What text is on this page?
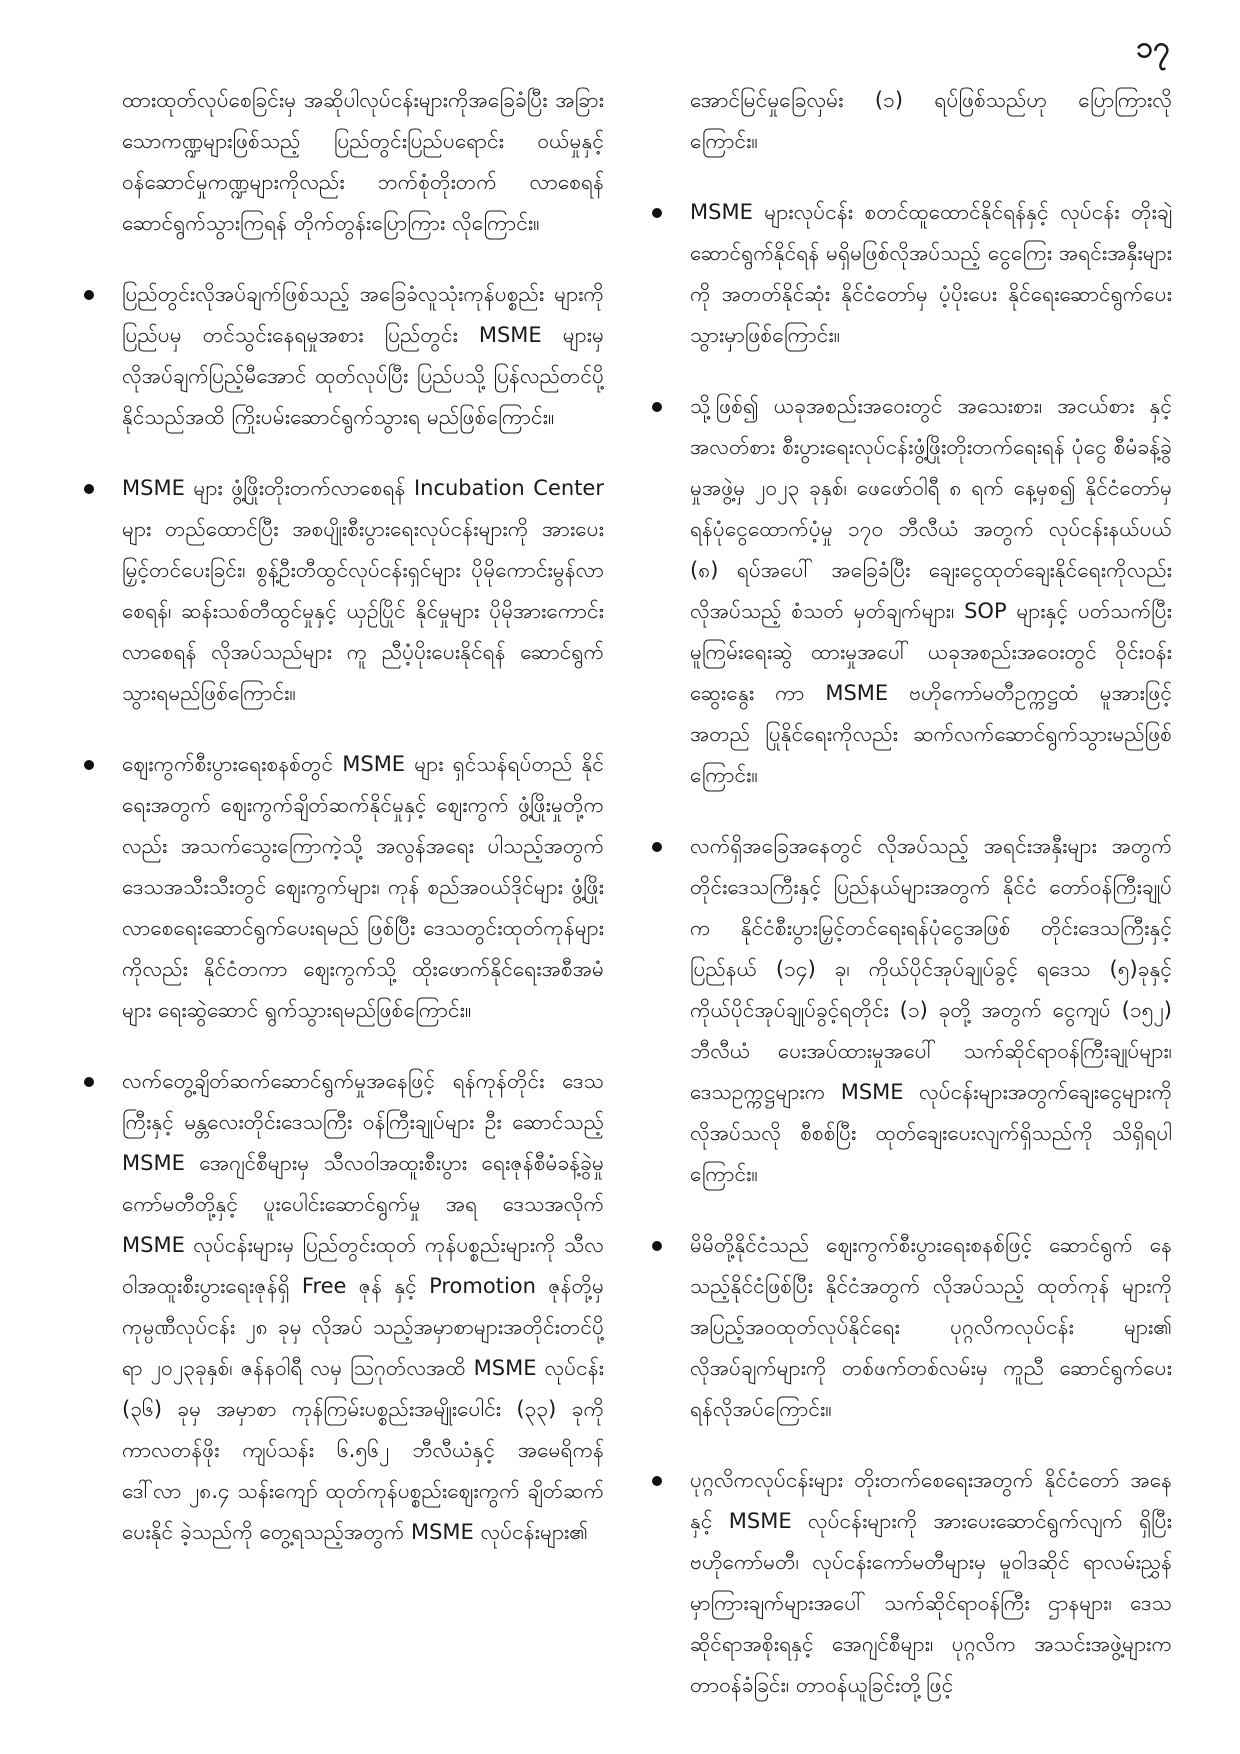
၁၇

ထားထုတ်လုပ်စေခြင်းမှ အဆိုပါလုပ်ငန်းများကိုအခြေခံပြီး အခြားသောကဏ္ဍများဖြစ်သည့် ပြည်တွင်းပြည်ပရောင်း ဝယ်မှုနှင့် ဝန်ဆောင်မှုကဏ္ဍများကိုလည်း ဘက်စုံတိုးတက် လာစေရန် ဆောင်ရွက်သွားကြရန် တိုက်တွန်းပြောကြား လိုကြောင်း။

ပြည်တွင်းလိုအပ်ချက်ဖြစ်သည့် အခြေခံလူသုံးကုန်ပစ္စည်း များကို ပြည်ပမှ တင်သွင်းနေရမှုအစား ပြည်တွင်း MSME များမှ လိုအပ်ချက်ပြည့်မီအောင် ထုတ်လုပ်ပြီး ပြည်ပသို့ ပြန်လည်တင်ပို့နိုင်သည်အထိ ကြိုးပမ်းဆောင်ရွက်သွားရ မည်ဖြစ်ကြောင်း။

MSME များ ဖွံ့ဖြိုးတိုးတက်လာစေရန် Incubation Center များ တည်ထောင်ပြီး အစပျိုးစီးပွားရေးလုပ်ငန်းများကို အားပေးမြှင့်တင်ပေးခြင်း၊ စွန့်ဦးတီထွင်လုပ်ငန်းရှင်များ ပိုမိုကောင်းမွန်လာစေရန်၊ ဆန်းသစ်တီထွင်မှုနှင့် ယှဉ်ပြိုင် နိုင်မှုများ ပိုမိုအားကောင်းလာစေရန် လိုအပ်သည်များ ကူ ညီပံ့ပိုးပေးနိုင်ရန် ဆောင်ရွက်သွားရမည်ဖြစ်ကြောင်း။

ဈေးကွက်စီးပွားရေးစနစ်တွင် MSME များ ရှင်သန်ရပ်တည် နိုင်ရေးအတွက် ဈေးကွက်ချိတ်ဆက်နိုင်မှုနှင့် ဈေးကွက် ဖွံ့ဖြိုးမှုတို့ကလည်း အသက်သွေးကြောကဲ့သို့ အလွန်အရေး ပါသည့်အတွက် ဒေသအသီးသီးတွင် ဈေးကွက်များ၊ ကုန် စည်အဝယ်ဒိုင်များ ဖွံ့ဖြိုးလာစေရေးဆောင်ရွက်ပေးရမည် ဖြစ်ပြီး ဒေသတွင်းထုတ်ကုန်များကိုလည်း နိုင်ငံတကာ ဈေးကွက်သို့ ထိုးဖောက်နိုင်ရေးအစီအမံများ ရေးဆွဲဆောင် ရွက်သွားရမည်ဖြစ်ကြောင်း။

လက်တွေ့ချိတ်ဆက်ဆောင်ရွက်မှုအနေဖြင့် ရန်ကုန်တိုင်း ဒေသကြီးနှင့် မန္တလေးတိုင်းဒေသကြီး ဝန်ကြီးချုပ်များ ဦး ဆောင်သည့် MSME အေဂျင်စီများမှ သီလဝါအထူးစီးပွား ရေးဇုန်စီမံခန့်ခွဲမှုကော်မတီတို့နှင့် ပူးပေါင်းဆောင်ရွက်မှု အရ ဒေသအလိုက် MSME လုပ်ငန်းများမှ ပြည်တွင်းထုတ် ကုန်ပစ္စည်းများကို သီလဝါအထူးစီးပွားရေးဇုန်ရှိ Free ဇုန် နှင့် Promotion ဇုန်တို့မှ ကုမ္ပဏီလုပ်ငန်း ၂၈ ခုမှ လိုအပ် သည့်အမှာစာများအတိုင်းတင်ပို့ရာ ၂၀၂၃ခုနှစ်၊ ဇန်နဝါရီ လမှ ဩဂုတ်လအထိ MSME လုပ်ငန်း (၃၆) ခုမှ အမှာစာ ကုန်ကြမ်းပစ္စည်းအမျိုးပေါင်း (၃၃) ခုကို ကာလတန်ဖိုး ကျပ်သန်း ၆.၅၆၂ ဘီလီယံနှင့် အမေရိကန် ဒေါ်လာ ၂၈.၄ သန်းကျော် ထုတ်ကုန်ပစ္စည်းဈေးကွက် ချိတ်ဆက်ပေးနိုင် ခဲ့သည်ကို တွေ့ရသည့်အတွက် MSME လုပ်ငန်းများ၏

အောင်မြင်မှုခြေလှမ်း (၁) ရပ်ဖြစ်သည်ဟု ပြောကြားလို ကြောင်း။

MSME များလုပ်ငန်း စတင်ထူထောင်နိုင်ရန်နှင့် လုပ်ငန်း တိုးချဲ့ဆောင်ရွက်နိုင်ရန် မရှိမဖြစ်လိုအပ်သည့် ငွေကြေး အရင်းအနှီးများကို အတတ်နိုင်ဆုံး နိုင်ငံတော်မှ ပံ့ပိုးပေး နိုင်ရေးဆောင်ရွက်ပေးသွားမှာဖြစ်ကြောင်း။

သို့ဖြစ်၍ ယခုအစည်းအဝေးတွင် အသေးစား၊ အငယ်စား နှင့် အလတ်စား စီးပွားရေးလုပ်ငန်းဖွံ့ဖြိုးတိုးတက်ရေးရန် ပုံငွေ စီမံခန့်ခွဲမှုအဖွဲ့မှ ၂၀၂၃ ခုနှစ်၊ ဖေဖော်ဝါရီ ၈ ရက် နေ့မှစ၍ နိုင်ငံတော်မှ ရန်ပုံငွေထောက်ပံ့မှု ၁၇၀ ဘီလီယံ အတွက် လုပ်ငန်းနယ်ပယ် (၈) ရပ်အပေါ် အခြေခံပြီး ချေးငွေထုတ်ချေးနိုင်ရေးကိုလည်း လိုအပ်သည့် စံသတ် မှတ်ချက်များ၊ SOP များနှင့် ပတ်သက်ပြီး မူကြမ်းရေးဆွဲ ထားမှုအပေါ် ယခုအစည်းအဝေးတွင် ဝိုင်းဝန်းဆွေးနွေး ကာ MSME ဗဟိုကော်မတီဥက္ကဋ္ဌထံ မူအားဖြင့် အတည် ပြုနိုင်ရေးကိုလည်း ဆက်လက်ဆောင်ရွက်သွားမည်ဖြစ် ကြောင်း။

လက်ရှိအခြေအနေတွင် လိုအပ်သည့် အရင်းအနှီးများ အတွက် တိုင်းဒေသကြီးနှင့် ပြည်နယ်များအတွက် နိုင်ငံ တော်ဝန်ကြီးချုပ်က နိုင်ငံစီးပွားမြှင့်တင်ရေးရန်ပုံငွေအဖြစ် တိုင်းဒေသကြီးနှင့် ပြည်နယ် (၁၄) ခု၊ ကိုယ်ပိုင်အုပ်ချုပ်ခွင့် ရဒေသ (၅)ခုနှင့် ကိုယ်ပိုင်အုပ်ချုပ်ခွင့်ရတိုင်း (၁) ခုတို့ အတွက် ငွေကျပ် (၁၅၂) ဘီလီယံ ပေးအပ်ထားမှုအပေါ် သက်ဆိုင်ရာဝန်ကြီးချုပ်များ၊ ဒေသဥက္ကဋ္ဌများက MSME လုပ်ငန်းများအတွက်ချေးငွေများကို လိုအပ်သလို စီစစ်ပြီး ထုတ်ချေးပေးလျက်ရှိသည်ကို သိရှိရပါကြောင်း။

မိမိတို့နိုင်ငံသည် ဈေးကွက်စီးပွားရေးစနစ်ဖြင့် ဆောင်ရွက် နေသည့်နိုင်ငံဖြစ်ပြီး နိုင်ငံအတွက် လိုအပ်သည့် ထုတ်ကုန် များကို အပြည့်အဝထုတ်လုပ်နိုင်ရေး ပုဂ္ဂလိကလုပ်ငန်း များ၏ လိုအပ်ချက်များကို တစ်ဖက်တစ်လမ်းမှ ကူညီ ဆောင်ရွက်ပေးရန်လိုအပ်ကြောင်း။

ပုဂ္ဂလိကလုပ်ငန်းများ တိုးတက်စေရေးအတွက် နိုင်ငံတော် အနေနှင့် MSME လုပ်ငန်းများကို အားပေးဆောင်ရွက်လျက် ရှိပြီး ဗဟိုကော်မတီ၊ လုပ်ငန်းကော်မတီများမှ မူဝါဒဆိုင် ရာလမ်းညွှန်မှာကြားချက်များအပေါ် သက်ဆိုင်ရာဝန်ကြီး ဌာနများ၊ ဒေသဆိုင်ရာအစိုးရနှင့် အေဂျင်စီများ၊ ပုဂ္ဂလိက အသင်းအဖွဲ့များက တာဝန်ခံခြင်း၊ တာဝန်ယူခြင်းတို့ဖြင့်
